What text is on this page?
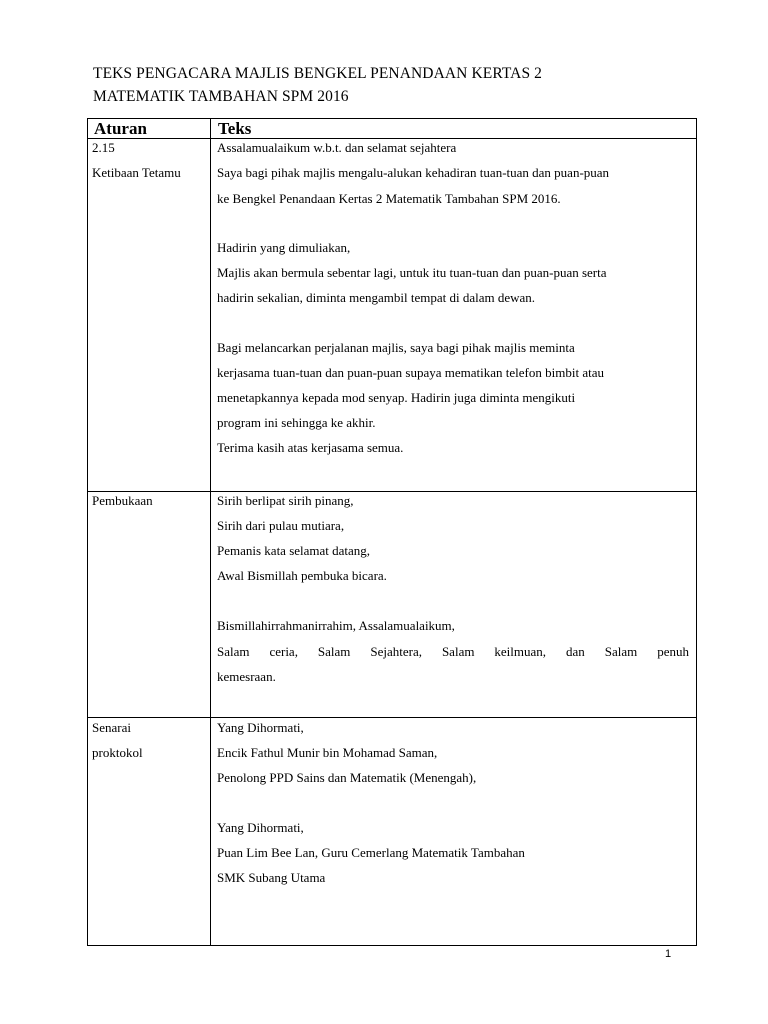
TEKS PENGACARA MAJLIS BENGKEL PENANDAAN KERTAS 2
MATEMATIK TAMBAHAN SPM 2016
Aturan	Teks
2.15
Ketibaan Tetamu
Assalamualaikum w.b.t. dan selamat sejahtera
Saya bagi pihak majlis mengalu-alukan kehadiran tuan-tuan dan puan-puan
ke Bengkel Penandaan Kertas 2 Matematik Tambahan SPM 2016.
Hadirin yang dimuliakan,
Majlis akan bermula sebentar lagi, untuk itu tuan-tuan dan puan-puan serta
hadirin sekalian, diminta mengambil tempat di dalam dewan.
Bagi melancarkan perjalanan majlis, saya bagi pihak majlis meminta
kerjasama tuan-tuan dan puan-puan supaya mematikan telefon bimbit atau
menetapkannya kepada mod senyap. Hadirin juga diminta mengikuti
program ini sehingga ke akhir.
Terima kasih atas kerjasama semua.
Pembukaan	Sirih berlipat sirih pinang,
Sirih dari pulau mutiara,
Pemanis kata selamat datang,
Awal Bismillah pembuka bicara.
Bismillahirrahmanirrahim, Assalamualaikum,
Salam ceria, Salam Sejahtera, Salam keilmuan, dan Salam penuh
kemesraan.
Senarai
proktokol
Yang Dihormati,
Encik Fathul Munir bin Mohamad Saman,
Penolong PPD Sains dan Matematik (Menengah),
Yang Dihormati,
Puan Lim Bee Lan, Guru Cemerlang Matematik Tambahan
SMK Subang Utama
1
